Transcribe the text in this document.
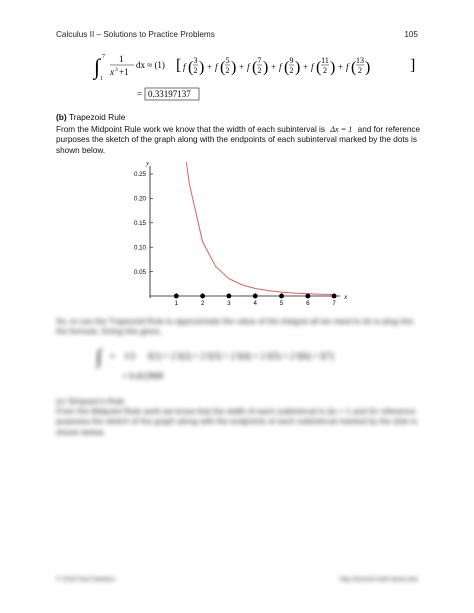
Calculus II – Solutions to Practice Problems	105
∫ 7
1
1
x 3 +1
dx ≈ (1) [ f ( 3
2 ) + f ( 5
2 ) + f ( 7
2 ) + f ( 9
2 ) + f ( 11
2 ) + f ( 13
2 ) ]
= 0.33197137
(b) Trapezoid Rule
From the Midpoint Rule work we know that the width of each subinterval is Δx = 1 and for reference purposes the sketch of the graph along with the endpoints of each subinterval marked by the dots is shown below.
x
y
0.05
0.10
0.15
0.20
0.25
1	2	3	4	5	6	7
So, to use the Trapezoid Rule to approximate the value of the integral all we need to do is plug into the formula. Doing this gives,
∫ ≈ 1/2 f(1) + 2 f(2) + 2 f(3) + 2 f(4) + 2 f(5) + 2 f(6) + f(7)
= 0.412909
(c) Simpson's Rule
From the Midpoint Rule work we know that the width of each subinterval is Δx = 1 and for reference purposes the sketch of the graph along with the endpoints of each subinterval marked by the dots is shown below.
© 2018 Paul Dawkins	http://tutorial.math.lamar.edu
